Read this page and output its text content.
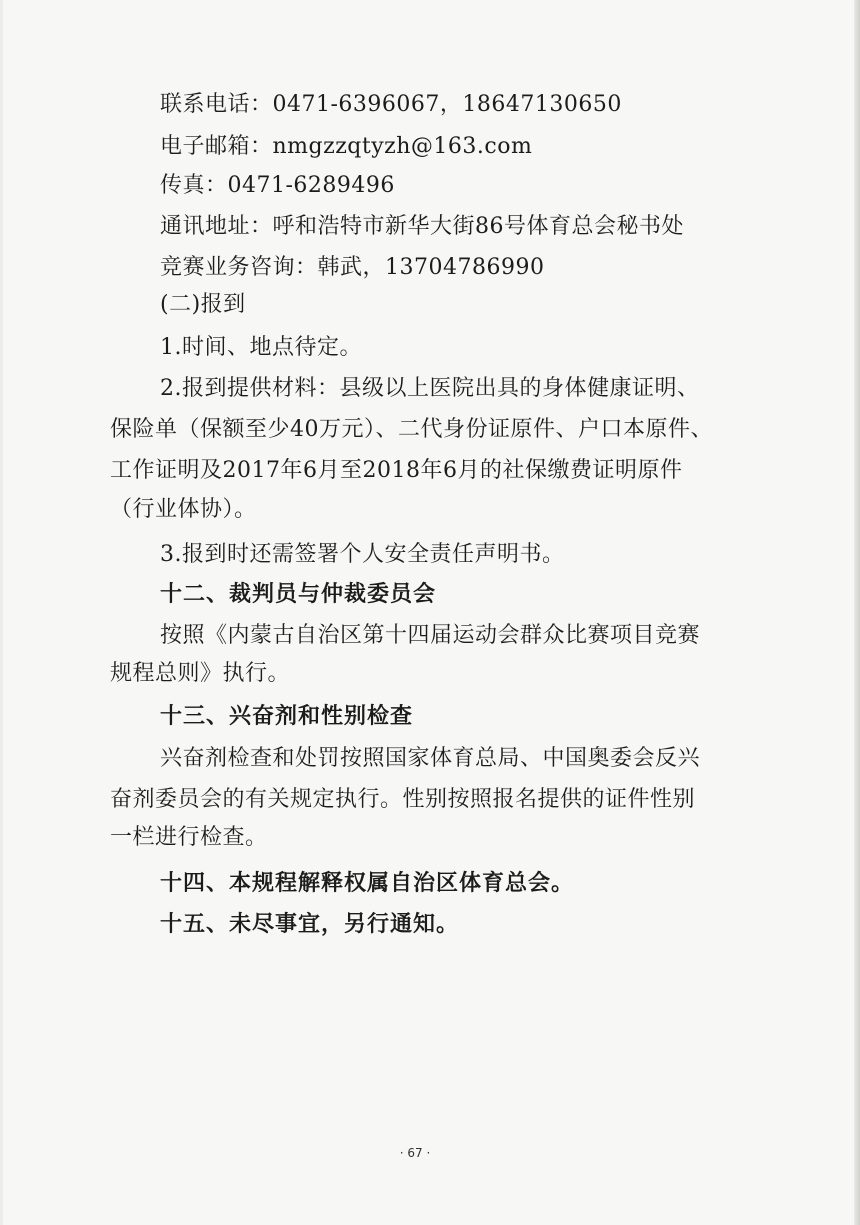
联系电话：0471-6396067，18647130650
电子邮箱：nmgzzqtyzh@163.com
传真：0471-6289496
通讯地址：呼和浩特市新华大街86号体育总会秘书处
竞赛业务咨询：韩武，13704786990
(二)报到
1.时间、地点待定。
2.报到提供材料：县级以上医院出具的身体健康证明、
保险单（保额至少40万元）、二代身份证原件、户口本原件、
工作证明及2017年6月至2018年6月的社保缴费证明原件
（行业体协）。
3.报到时还需签署个人安全责任声明书。
十二、裁判员与仲裁委员会
按照《内蒙古自治区第十四届运动会群众比赛项目竞赛
规程总则》执行。
十三、兴奋剂和性别检查
兴奋剂检查和处罚按照国家体育总局、中国奥委会反兴
奋剂委员会的有关规定执行。性别按照报名提供的证件性别
一栏进行检查。
十四、本规程解释权属自治区体育总会。
十五、未尽事宜，另行通知。
· 67 ·
